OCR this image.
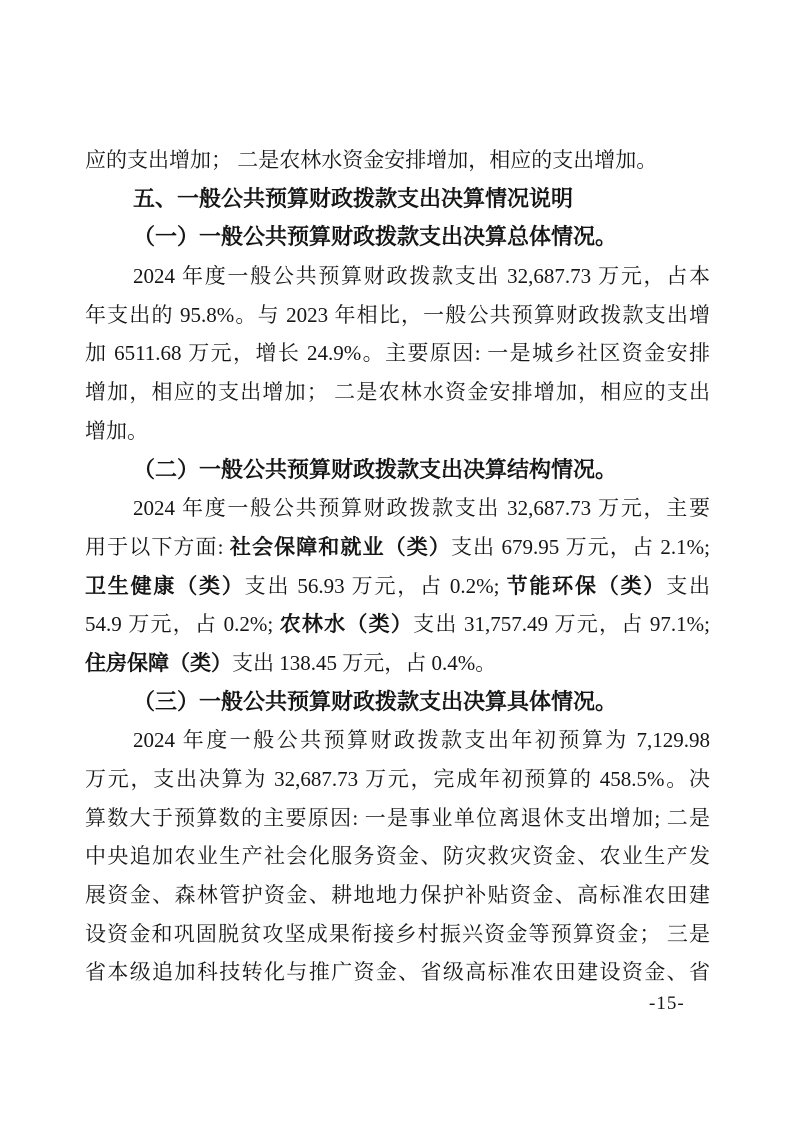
应的支出增加； 二是农林水资金安排增加，相应的支出增加。
五、一般公共预算财政拨款支出决算情况说明
（一）一般公共预算财政拨款支出决算总体情况。
2024 年度一般公共预算财政拨款支出 32,687.73 万元，占本
年支出的 95.8%。与 2023 年相比，一般公共预算财政拨款支出增
加 6511.68 万元，增长 24.9%。主要原因: 一是城乡社区资金安排
增加，相应的支出增加； 二是农林水资金安排增加，相应的支出
增加。
（二）一般公共预算财政拨款支出决算结构情况。
2024 年度一般公共预算财政拨款支出 32,687.73 万元，主要
用于以下方面: 社会保障和就业（类）支出 679.95 万元，占 2.1%;
卫生健康（类）支出 56.93 万元，占 0.2%; 节能环保（类）支出
54.9 万元，占 0.2%; 农林水（类）支出 31,757.49 万元，占 97.1%;
住房保障（类）支出 138.45 万元，占 0.4%。
（三）一般公共预算财政拨款支出决算具体情况。
2024 年度一般公共预算财政拨款支出年初预算为 7,129.98
万元，支出决算为 32,687.73 万元，完成年初预算的 458.5%。决
算数大于预算数的主要原因: 一是事业单位离退休支出增加; 二是
中央追加农业生产社会化服务资金、防灾救灾资金、农业生产发
展资金、森林管护资金、耕地地力保护补贴资金、高标准农田建
设资金和巩固脱贫攻坚成果衔接乡村振兴资金等预算资金； 三是
省本级追加科技转化与推广资金、省级高标准农田建设资金、省
-15-
